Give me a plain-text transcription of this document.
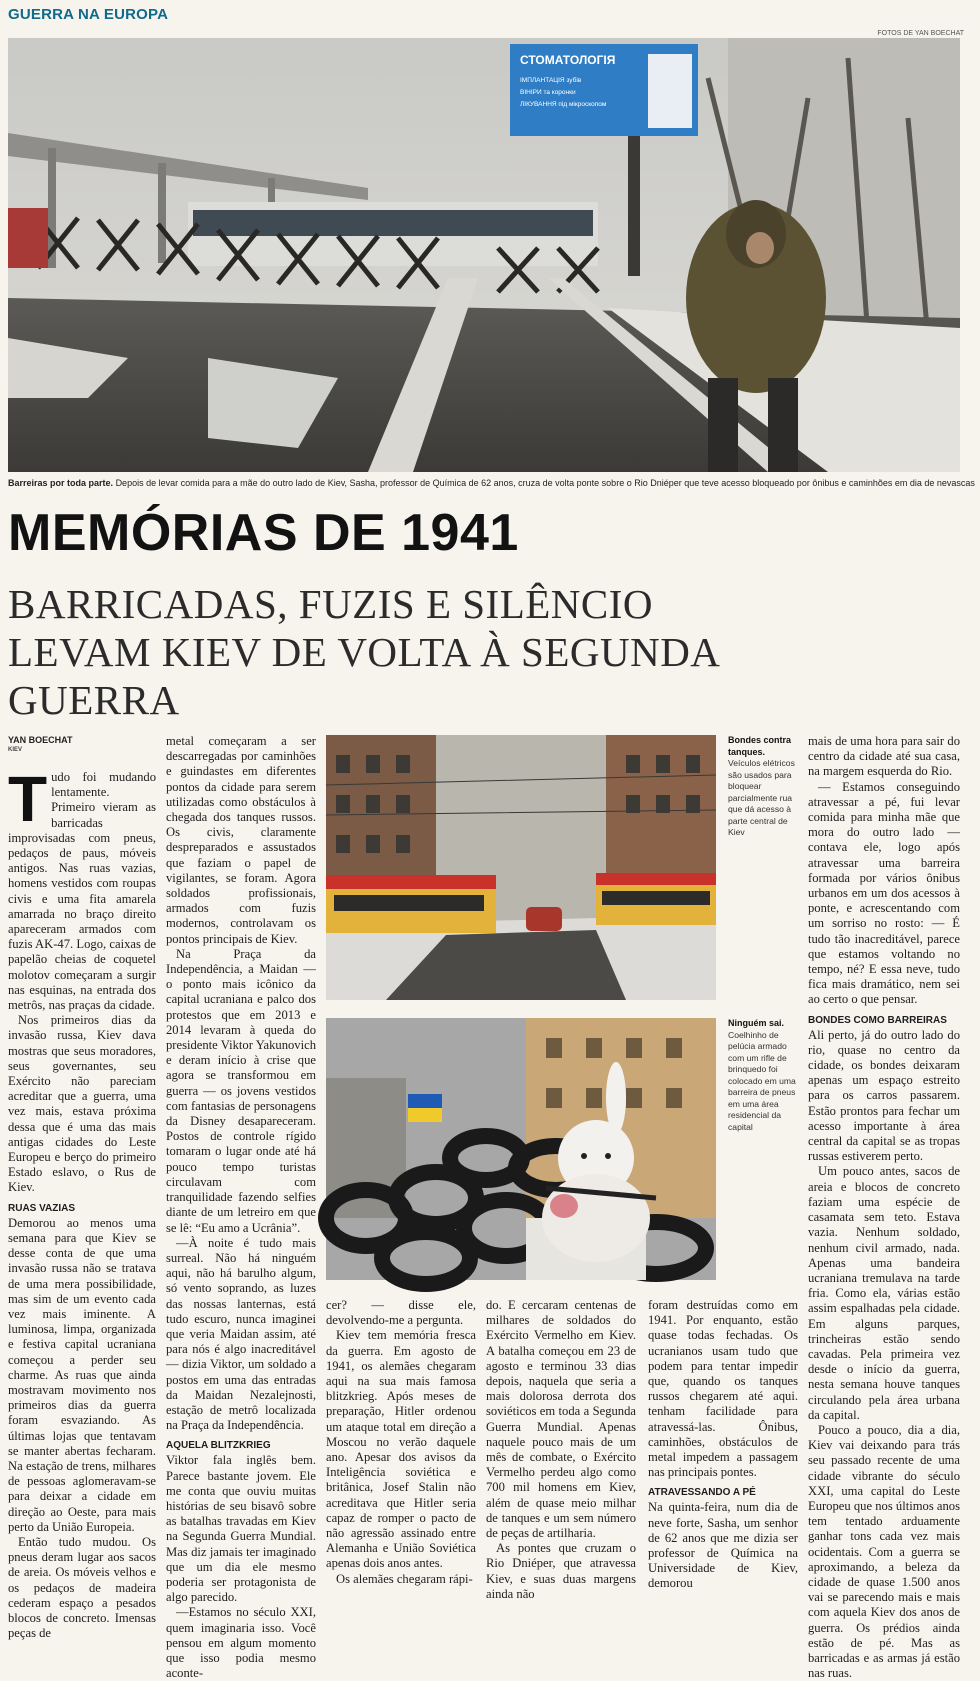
GUERRA NA EUROPA
FOTOS DE YAN BOECHAT
СТОМАТОЛОГІЯ
ІМПЛАНТАЦІЯ зубів
ВІНІРИ та коронки
ЛІКУВАННЯ під мікроскопом
Barreiras por toda parte. Depois de levar comida para a mãe do outro lado de Kiev, Sasha, professor de Química de 62 anos, cruza de volta ponte sobre o Rio Dniéper que teve acesso bloqueado por ônibus e caminhões em dia de nevascas
MEMÓRIAS DE 1941
BARRICADAS, FUZIS E SILÊNCIO LEVAM KIEV DE VOLTA À SEGUNDA GUERRA
YAN BOECHAT
KIEV
T udo foi mudando lentamente. Primeiro vieram as barricadas improvisadas com pneus, pedaços de paus, móveis antigos. Nas ruas vazias, homens vestidos com roupas civis e uma fita amarela amarrada no braço direito apareceram armados com fuzis AK-47. Logo, caixas de papelão cheias de coquetel molotov começaram a surgir nas esquinas, na entrada dos metrôs, nas praças da cidade.

Nos primeiros dias da invasão russa, Kiev dava mostras que seus moradores, seus governantes, seu Exército não pareciam acreditar que a guerra, uma vez mais, estava próxima dessa que é uma das mais antigas cidades do Leste Europeu e berço do primeiro Estado eslavo, o Rus de Kiev.

RUAS VAZIAS

Demorou ao menos uma semana para que Kiev se desse conta de que uma invasão russa não se tratava de uma mera possibilidade, mas sim de um evento cada vez mais iminente. A luminosa, limpa, organizada e festiva capital ucraniana começou a perder seu charme. As ruas que ainda mostravam movimento nos primeiros dias da guerra foram esvaziando. As últimas lojas que tentavam se manter abertas fecharam. Na estação de trens, milhares de pessoas aglomeravam-se para deixar a cidade em direção ao Oeste, para mais perto da União Europeia.

Então tudo mudou. Os pneus deram lugar aos sacos de areia. Os móveis velhos e os pedaços de madeira cederam espaço a pesados blocos de concreto. Imensas peças de

metal começaram a ser descarregadas por caminhões e guindastes em diferentes pontos da cidade para serem utilizadas como obstáculos à chegada dos tanques russos. Os civis, claramente despreparados e assustados que faziam o papel de vigilantes, se foram. Agora soldados profissionais, armados com fuzis modernos, controlavam os pontos principais de Kiev.

Na Praça da Independência, a Maidan — o ponto mais icônico da capital ucraniana e palco dos protestos que em 2013 e 2014 levaram à queda do presidente Viktor Yakunovich e deram início à crise que agora se transformou em guerra — os jovens vestidos com fantasias de personagens da Disney desapareceram. Postos de controle rígido tomaram o lugar onde até há pouco tempo turistas circulavam com tranquilidade fazendo selfies diante de um letreiro em que se lê: “Eu amo a Ucrânia”.

—À noite é tudo mais surreal. Não há ninguém aqui, não há barulho algum, só vento soprando, as luzes das nossas lanternas, está tudo escuro, nunca imaginei que veria Maidan assim, até para nós é algo inacreditável — dizia Viktor, um soldado a postos em uma das entradas da Maidan Nezalejnosti, estação de metrô localizada na Praça da Independência.

AQUELA BLITZKRIEG

Viktor fala inglês bem. Parece bastante jovem. Ele me conta que ouviu muitas histórias de seu bisavô sobre as batalhas travadas em Kiev na Segunda Guerra Mundial. Mas diz jamais ter imaginado que um dia ele mesmo poderia ser protagonista de algo parecido.

—Estamos no século XXI, quem imaginaria isso. Você pensou em algum momento que isso podia mesmo aconte-

Bondes contra tanques.
Veículos elétricos são usados para bloquear parcialmente rua que dá acesso à parte central de Kiev
Ninguém sai.
Coelhinho de pelúcia armado com um rifle de brinquedo foi colocado em uma barreira de pneus em uma área residencial da capital

cer? — disse ele, devolvendo-me a pergunta.

Kiev tem memória fresca da guerra. Em agosto de 1941, os alemães chegaram aqui na sua mais famosa blitzkrieg. Após meses de preparação, Hitler ordenou um ataque total em direção a Moscou no verão daquele ano. Apesar dos avisos da Inteligência soviética e britânica, Josef Stalin não acreditava que Hitler seria capaz de romper o pacto de não agressão assinado entre Alemanha e União Soviética apenas dois anos antes.

Os alemães chegaram rápi-

do. E cercaram centenas de milhares de soldados do Exército Vermelho em Kiev. A batalha começou em 23 de agosto e terminou 33 dias depois, naquela que seria a mais dolorosa derrota dos soviéticos em toda a Segunda Guerra Mundial. Apenas naquele pouco mais de um mês de combate, o Exército Vermelho perdeu algo como 700 mil homens em Kiev, além de quase meio milhar de tanques e um sem número de peças de artilharia.

As pontes que cruzam o Rio Dniéper, que atravessa Kiev, e suas duas margens ainda não

foram destruídas como em 1941. Por enquanto, estão quase todas fechadas. Os ucranianos usam tudo que podem para tentar impedir que, quando os tanques russos chegarem até aqui. tenham facilidade para atravessá-las. Ônibus, caminhões, obstáculos de metal impedem a passagem nas principais pontes.

ATRAVESSANDO A PÉ

Na quinta-feira, num dia de neve forte, Sasha, um senhor de 62 anos que me dizia ser professor de Química na Universidade de Kiev, demorou

mais de uma hora para sair do centro da cidade até sua casa, na margem esquerda do Rio.

— Estamos conseguindo atravessar a pé, fui levar comida para minha mãe que mora do outro lado — contava ele, logo após atravessar uma barreira formada por vários ônibus urbanos em um dos acessos à ponte, e acrescentando com um sorriso no rosto: — É tudo tão inacreditável, parece que estamos voltando no tempo, né? E essa neve, tudo fica mais dramático, nem sei ao certo o que pensar.

BONDES COMO BARREIRAS

Ali perto, já do outro lado do rio, quase no centro da cidade, os bondes deixaram apenas um espaço estreito para os carros passarem. Estão prontos para fechar um acesso importante à área central da capital se as tropas russas estiverem perto.

Um pouco antes, sacos de areia e blocos de concreto faziam uma espécie de casamata sem teto. Estava vazia. Nenhum soldado, nenhum civil armado, nada. Apenas uma bandeira ucraniana tremulava na tarde fria. Como ela, várias estão assim espalhadas pela cidade. Em alguns parques, trincheiras estão sendo cavadas. Pela primeira vez desde o início da guerra, nesta semana houve tanques circulando pela área urbana da capital.

Pouco a pouco, dia a dia, Kiev vai deixando para trás seu passado recente de uma cidade vibrante do século XXI, uma capital do Leste Europeu que nos últimos anos tem tentado arduamente ganhar tons cada vez mais ocidentais. Com a guerra se aproximando, a beleza da cidade de quase 1.500 anos vai se parecendo mais e mais com aquela Kiev dos anos de guerra. Os prédios ainda estão de pé. Mas as barricadas e as armas já estão nas ruas.
